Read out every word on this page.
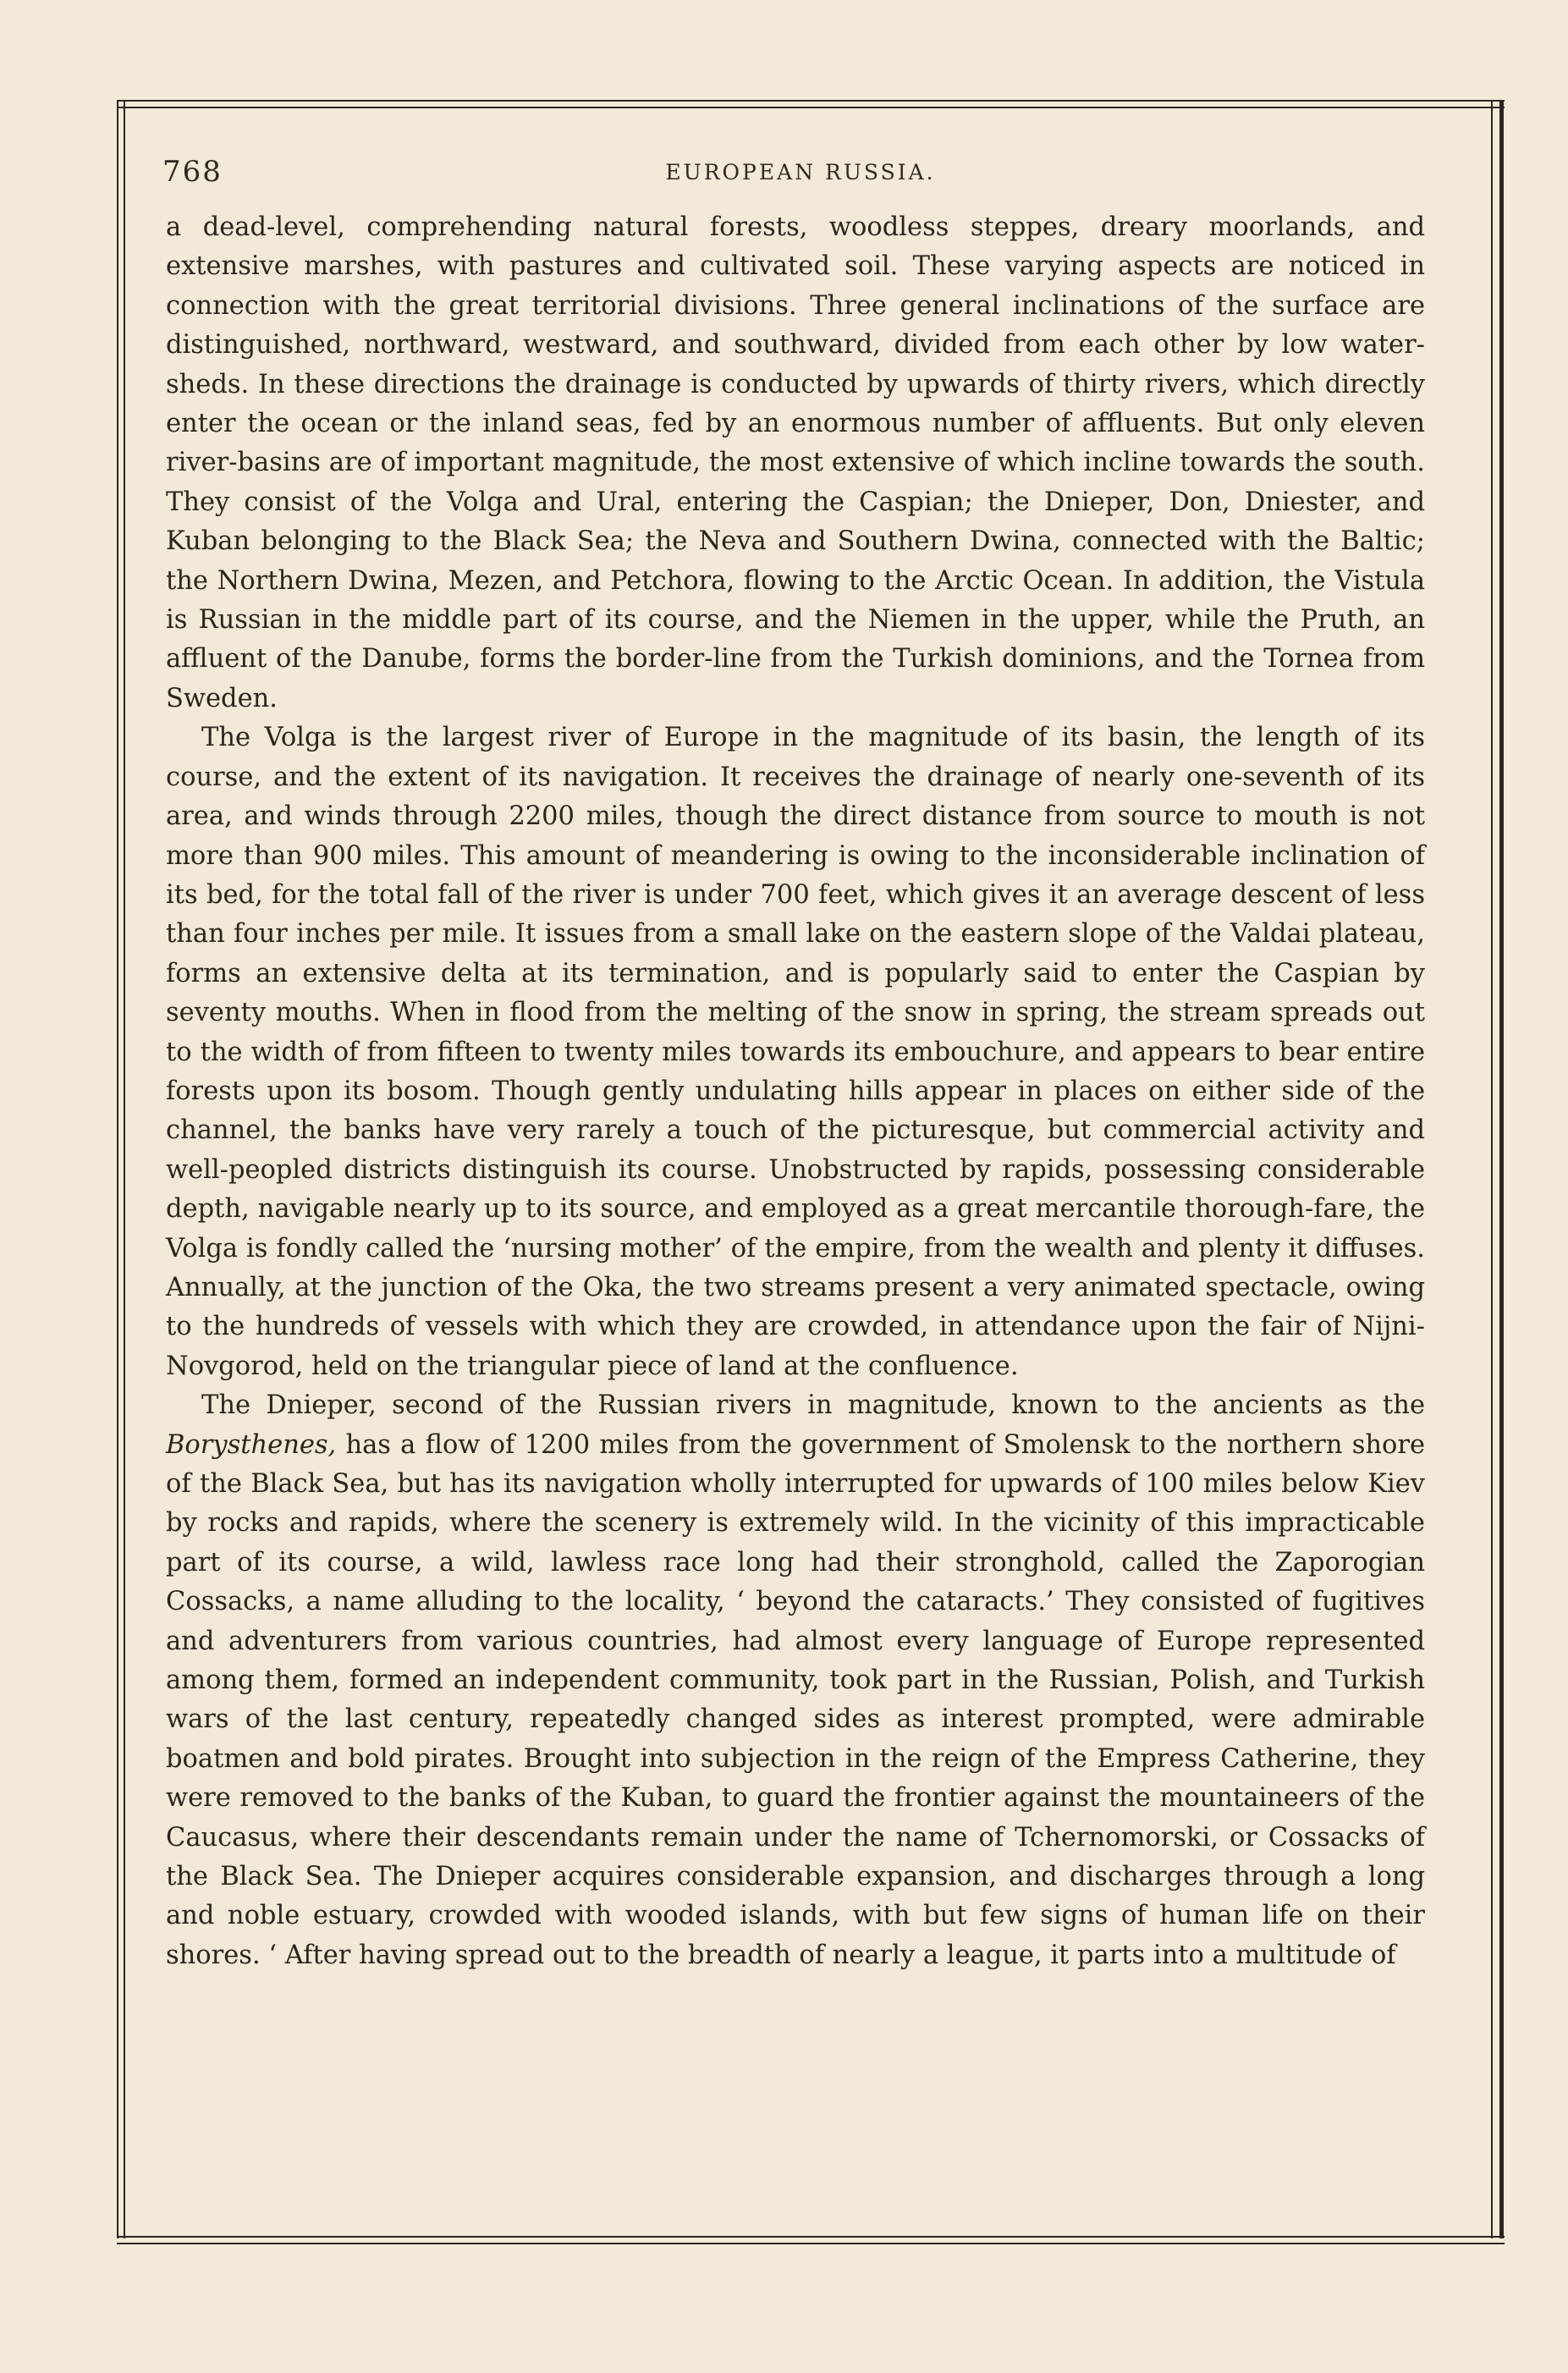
768	EUROPEAN RUSSIA.

a dead-level, comprehending natural forests, woodless steppes, dreary moorlands, and extensive marshes, with pastures and cultivated soil. These varying aspects are noticed in connection with the great territorial divisions. Three general inclinations of the surface are distinguished, northward, westward, and southward, divided from each other by low water-sheds. In these directions the drainage is conducted by upwards of thirty rivers, which directly enter the ocean or the inland seas, fed by an enormous number of affluents. But only eleven river-basins are of important magnitude, the most extensive of which incline towards the south. They consist of the Volga and Ural, entering the Caspian; the Dnieper, Don, Dniester, and Kuban belonging to the Black Sea; the Neva and Southern Dwina, connected with the Baltic; the Northern Dwina, Mezen, and Petchora, flowing to the Arctic Ocean. In addition, the Vistula is Russian in the middle part of its course, and the Niemen in the upper, while the Pruth, an affluent of the Danube, forms the border-line from the Turkish dominions, and the Tornea from Sweden.

The Volga is the largest river of Europe in the magnitude of its basin, the length of its course, and the extent of its navigation. It receives the drainage of nearly one-seventh of its area, and winds through 2200 miles, though the direct distance from source to mouth is not more than 900 miles. This amount of meandering is owing to the inconsiderable inclination of its bed, for the total fall of the river is under 700 feet, which gives it an average descent of less than four inches per mile. It issues from a small lake on the eastern slope of the Valdai plateau, forms an extensive delta at its termination, and is popularly said to enter the Caspian by seventy mouths. When in flood from the melting of the snow in spring, the stream spreads out to the width of from fifteen to twenty miles towards its embouchure, and appears to bear entire forests upon its bosom. Though gently undulating hills appear in places on either side of the channel, the banks have very rarely a touch of the picturesque, but commercial activity and well-peopled districts distinguish its course. Unobstructed by rapids, possessing considerable depth, navigable nearly up to its source, and employed as a great mercantile thorough-fare, the Volga is fondly called the ‘nursing mother’ of the empire, from the wealth and plenty it diffuses. Annually, at the junction of the Oka, the two streams present a very animated spectacle, owing to the hundreds of vessels with which they are crowded, in attendance upon the fair of Nijni-Novgorod, held on the triangular piece of land at the confluence.

The Dnieper, second of the Russian rivers in magnitude, known to the ancients as the Borysthenes, has a flow of 1200 miles from the government of Smolensk to the northern shore of the Black Sea, but has its navigation wholly interrupted for upwards of 100 miles below Kiev by rocks and rapids, where the scenery is extremely wild. In the vicinity of this impracticable part of its course, a wild, lawless race long had their stronghold, called the Zaporogian Cossacks, a name alluding to the locality, ‘ beyond the cataracts.’ They consisted of fugitives and adventurers from various countries, had almost every language of Europe represented among them, formed an independent community, took part in the Russian, Polish, and Turkish wars of the last century, repeatedly changed sides as interest prompted, were admirable boatmen and bold pirates. Brought into subjection in the reign of the Empress Catherine, they were removed to the banks of the Kuban, to guard the frontier against the mountaineers of the Caucasus, where their descendants remain under the name of Tchernomorski, or Cossacks of the Black Sea. The Dnieper acquires considerable expansion, and discharges through a long and noble estuary, crowded with wooded islands, with but few signs of human life on their shores. ‘ After having spread out to the breadth of nearly a league, it parts into a multitude of
